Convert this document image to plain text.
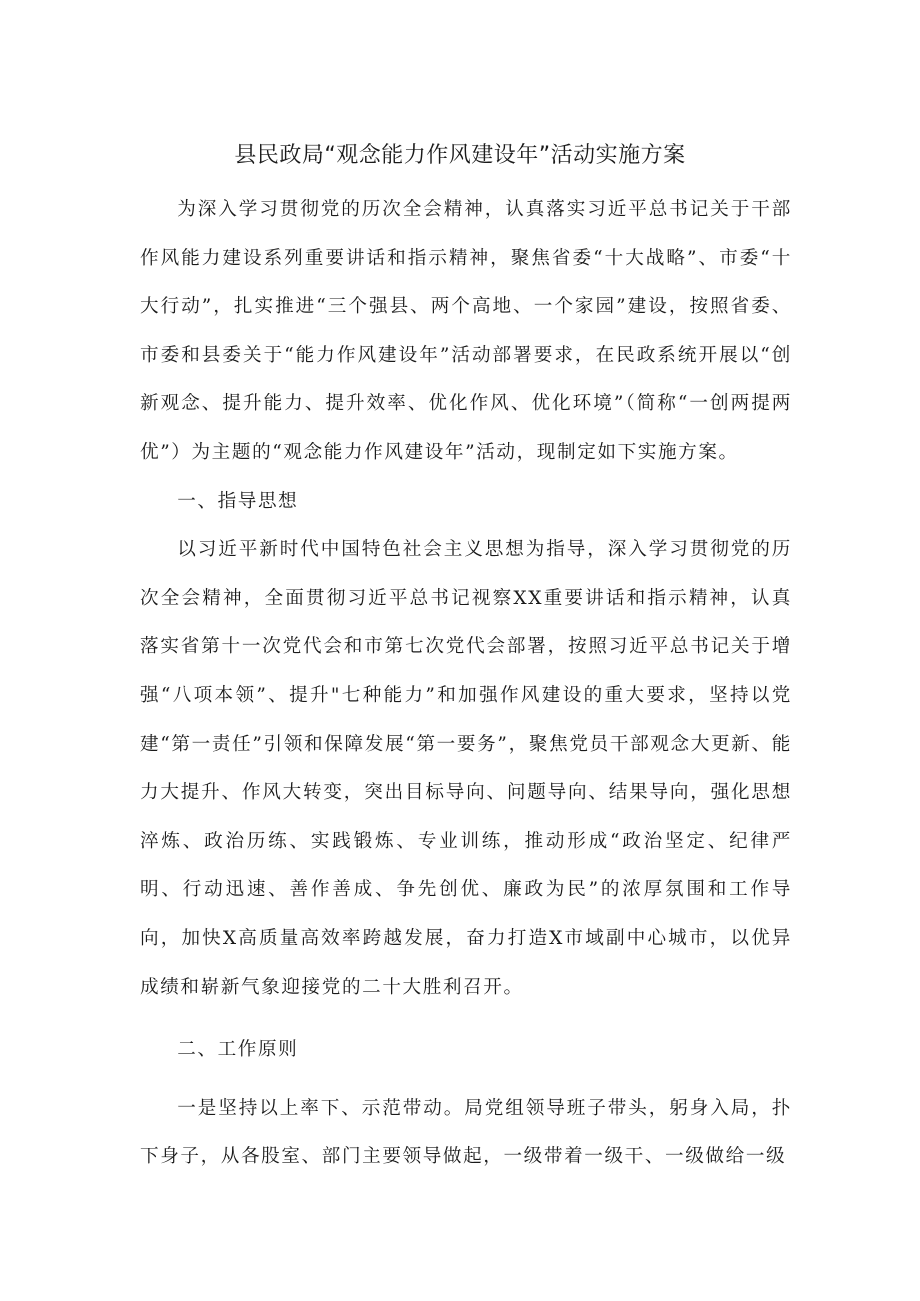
县民政局“观念能力作风建设年”活动实施方案

为深入学习贯彻党的历次全会精神，认真落实习近平总书记关于干部作风能力建设系列重要讲话和指示精神，聚焦省委“十大战略”、市委“十大行动”，扎实推进“三个强县、两个高地、一个家园”建设，按照省委、市委和县委关于“能力作风建设年”活动部署要求，在民政系统开展以“创新观念、提升能力、提升效率、优化作风、优化环境”（简称“一创两提两优”）为主题的“观念能力作风建设年”活动，现制定如下实施方案。

一、指导思想

以习近平新时代中国特色社会主义思想为指导，深入学习贯彻党的历次全会精神，全面贯彻习近平总书记视察XX重要讲话和指示精神，认真落实省第十一次党代会和市第七次党代会部署，按照习近平总书记关于增强“八项本领”、提升"七种能力”和加强作风建设的重大要求，坚持以党建“第一责任”引领和保障发展“第一要务”，聚焦党员干部观念大更新、能力大提升、作风大转变，突出目标导向、问题导向、结果导向，强化思想淬炼、政治历练、实践锻炼、专业训练，推动形成“政治坚定、纪律严明、行动迅速、善作善成、争先创优、廉政为民”的浓厚氛围和工作导向，加快X高质量高效率跨越发展，奋力打造X市域副中心城市，以优异成绩和崭新气象迎接党的二十大胜利召开。

二、工作原则

一是坚持以上率下、示范带动。局党组领导班子带头，躬身入局，扑下身子，从各股室、部门主要领导做起，一级带着一级干、一级做给一级
